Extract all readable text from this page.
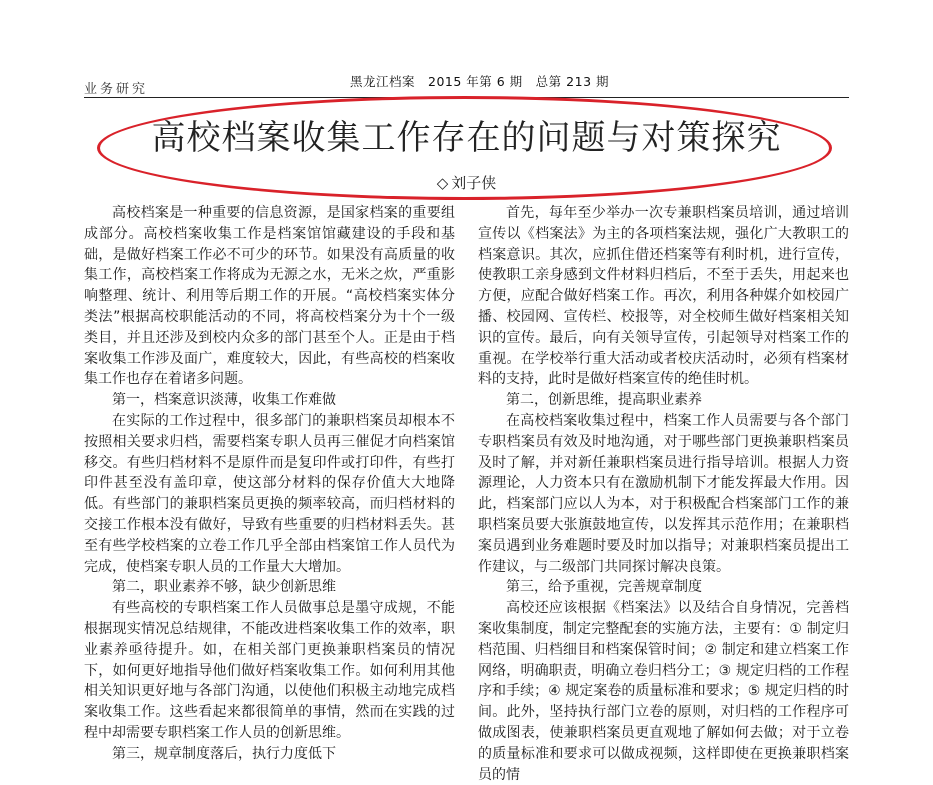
业务研究
黑龙江档案　2015 年第 6 期　总第 213 期
高校档案收集工作存在的问题与对策探究
◇ 刘子侠

高校档案是一种重要的信息资源，是国家档案的重要组成部分。高校档案收集工作是档案馆馆藏建设的手段和基础，是做好档案工作必不可少的环节。如果没有高质量的收集工作，高校档案工作将成为无源之水，无米之炊，严重影响整理、统计、利用等后期工作的开展。“高校档案实体分类法”根据高校职能活动的不同，将高校档案分为十个一级类目，并且还涉及到校内众多的部门甚至个人。正是由于档案收集工作涉及面广，难度较大，因此，有些高校的档案收集工作也存在着诸多问题。

第一，档案意识淡薄，收集工作难做

在实际的工作过程中，很多部门的兼职档案员却根本不按照相关要求归档，需要档案专职人员再三催促才向档案馆移交。有些归档材料不是原件而是复印件或打印件，有些打印件甚至没有盖印章，使这部分材料的保存价值大大地降低。有些部门的兼职档案员更换的频率较高，而归档材料的交接工作根本没有做好，导致有些重要的归档材料丢失。甚至有些学校档案的立卷工作几乎全部由档案馆工作人员代为完成，使档案专职人员的工作量大大增加。

第二，职业素养不够，缺少创新思维

有些高校的专职档案工作人员做事总是墨守成规，不能根据现实情况总结规律，不能改进档案收集工作的效率，职业素养亟待提升。如，在相关部门更换兼职档案员的情况下，如何更好地指导他们做好档案收集工作。如何利用其他相关知识更好地与各部门沟通，以使他们积极主动地完成档案收集工作。这些看起来都很简单的事情，然而在实践的过程中却需要专职档案工作人员的创新思维。

第三，规章制度落后，执行力度低下

首先，每年至少举办一次专兼职档案员培训，通过培训宣传以《档案法》为主的各项档案法规，强化广大教职工的档案意识。其次，应抓住借还档案等有利时机，进行宣传，使教职工亲身感到文件材料归档后，不至于丢失，用起来也方便，应配合做好档案工作。再次，利用各种媒介如校园广播、校园网、宣传栏、校报等，对全校师生做好档案相关知识的宣传。最后，向有关领导宣传，引起领导对档案工作的重视。在学校举行重大活动或者校庆活动时，必须有档案材料的支持，此时是做好档案宣传的绝佳时机。

第二，创新思维，提高职业素养

在高校档案收集过程中，档案工作人员需要与各个部门专职档案员有效及时地沟通，对于哪些部门更换兼职档案员及时了解，并对新任兼职档案员进行指导培训。根据人力资源理论，人力资本只有在激励机制下才能发挥最大作用。因此，档案部门应以人为本，对于积极配合档案部门工作的兼职档案员要大张旗鼓地宣传，以发挥其示范作用；在兼职档案员遇到业务难题时要及时加以指导；对兼职档案员提出工作建议，与二级部门共同探讨解决良策。

第三，给予重视，完善规章制度

高校还应该根据《档案法》以及结合自身情况，完善档案收集制度，制定完整配套的实施方法，主要有：① 制定归档范围、归档细目和档案保管时间；② 制定和建立档案工作网络，明确职责，明确立卷归档分工；③ 规定归档的工作程序和手续；④ 规定案卷的质量标准和要求；⑤ 规定归档的时间。此外，坚持执行部门立卷的原则，对归档的工作程序可做成图表，使兼职档案员更直观地了解如何去做；对于立卷的质量标准和要求可以做成视频，这样即使在更换兼职档案员的情
